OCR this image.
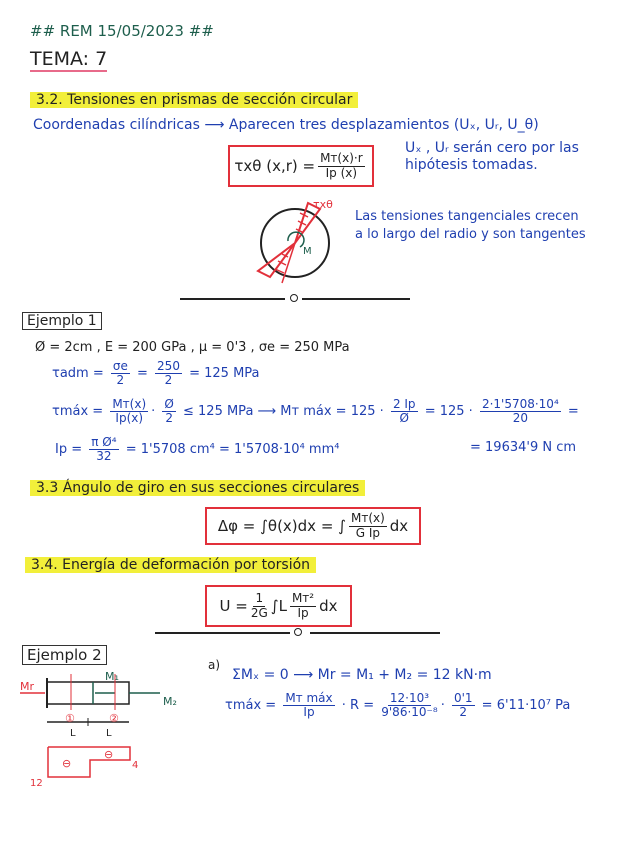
## REM 15/05/2023 ##
TEMA: 7
3.2. Tensiones en prismas de sección circular
Coordenadas cilíndricas ⟶ Aparecen tres desplazamientos (Uₓ, Uᵣ, U_θ)
τxθ $(x,r) = \frac{Mт(x)\cdot r}{Ip (x)}$
Uₓ , Uᵣ serán cero por las
hipótesis tomadas.
τxθ
M
Las tensiones tangenciales crecen
a lo largo del radio y son tangentes
Ejemplo 1
Ø = 2cm , E = 200 GPa , μ = 0'3 , σe = 250 MPa
$\tau adm = \frac{\sigma e}{2} = \frac{250}{2} = 125$ MPa
τmáx = $\frac{Mт(x)}{Ip(x)} \cdot \frac{Ø}{2} \le 125$ MPa ⟶ Mт máx = $125 \cdot \frac{2 Ip}{Ø} = 125 \cdot \frac{\text{2·1'5708·10⁴}}{20}$ =
$Ip = \frac{\text{π Ø⁴}}{32} = 1'5708$ cm⁴ = 1'5708·10⁴ mm⁴	= 19634'9 N cm
3.3 Ángulo de giro en sus secciones circulares
Δφ = ∫θ(x)dx = ∫ $\frac{Mт(x)}{\text{G Ip}}$ dx
3.4. Energía de deformación por torsión
$U = \frac{1}{2G} \int L \frac{\text{Mт²}}{Ip}$ dx
Ejemplo 2
Mr
M₁
M₂
①	②
L	L
⊖
⊖
12
4
a)
ΣMₓ = 0 ⟶ Mr = M₁ + M₂ = 12 kN·m
τmáx = $\frac{\text{Mт máx}}{Ip} \cdot R = \frac{\text{12·10³}}{\text{9'86·10⁻⁸}} \cdot \frac{0'1}{2} = 6'11\cdot 10^7$ Pa
